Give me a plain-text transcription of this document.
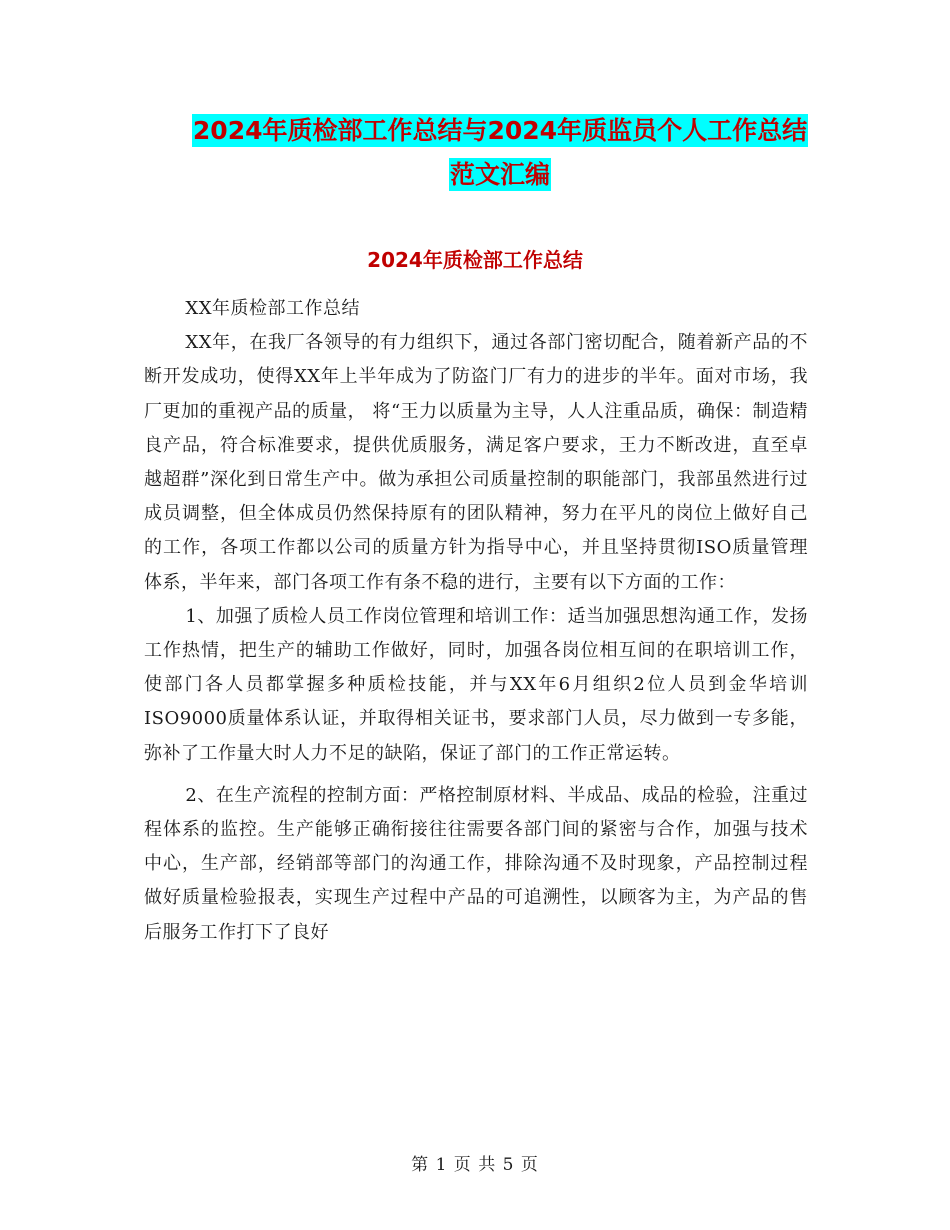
2024年质检部工作总结与2024年质监员个人工作总结
范文汇编
2024年质检部工作总结

XX年质检部工作总结

XX年，在我厂各领导的有力组织下，通过各部门密切配合，随着新产品的不断开发成功，使得XX年上半年成为了防盗门厂有力的进步的半年。面对市场，我厂更加的重视产品的质量， 将“王力以质量为主导，人人注重品质，确保：制造精良产品，符合标准要求，提供优质服务，满足客户要求，王力不断改进，直至卓越超群”深化到日常生产中。做为承担公司质量控制的职能部门，我部虽然进行过成员调整，但全体成员仍然保持原有的团队精神，努力在平凡的岗位上做好自己的工作，各项工作都以公司的质量方针为指导中心，并且坚持贯彻ISO质量管理体系，半年来，部门各项工作有条不稳的进行，主要有以下方面的工作：

1、加强了质检人员工作岗位管理和培训工作：适当加强思想沟通工作，发扬工作热情，把生产的辅助工作做好，同时，加强各岗位相互间的在职培训工作，使部门各人员都掌握多种质检技能，并与XX年6月组织2位人员到金华培训ISO9000质量体系认证，并取得相关证书，要求部门人员，尽力做到一专多能，弥补了工作量大时人力不足的缺陷，保证了部门的工作正常运转。

2、在生产流程的控制方面：严格控制原材料、半成品、成品的检验，注重过程体系的监控。生产能够正确衔接往往需要各部门间的紧密与合作，加强与技术中心，生产部，经销部等部门的沟通工作，排除沟通不及时现象，产品控制过程做好质量检验报表，实现生产过程中产品的可追溯性，以顾客为主，为产品的售后服务工作打下了良好

第 1 页 共 5 页
